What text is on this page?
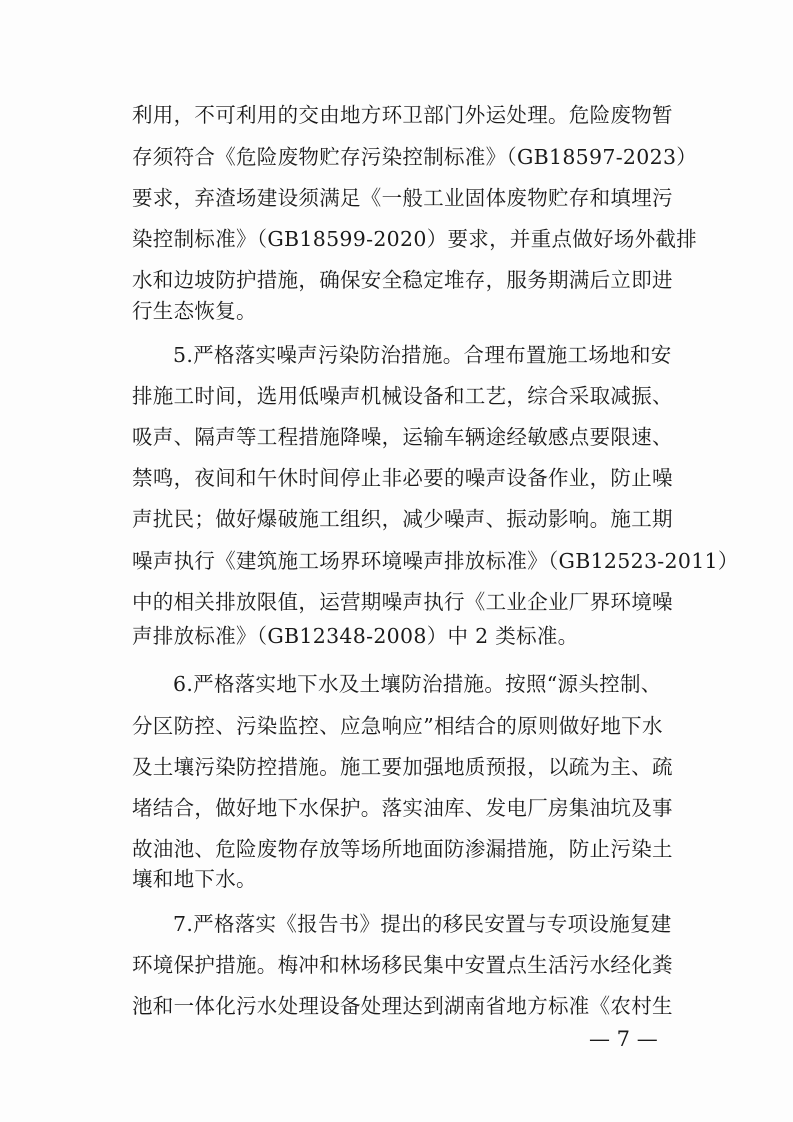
利用，不可利用的交由地方环卫部门外运处理。危险废物暂
存须符合《危险废物贮存污染控制标准》（GB18597-2023）
要求，弃渣场建设须满足《一般工业固体废物贮存和填埋污
染控制标准》（GB18599-2020）要求，并重点做好场外截排
水和边坡防护措施，确保安全稳定堆存，服务期满后立即进
行生态恢复。
5.严格落实噪声污染防治措施。合理布置施工场地和安
排施工时间，选用低噪声机械设备和工艺，综合采取减振、
吸声、隔声等工程措施降噪，运输车辆途经敏感点要限速、
禁鸣，夜间和午休时间停止非必要的噪声设备作业，防止噪
声扰民；做好爆破施工组织，减少噪声、振动影响。施工期
噪声执行《建筑施工场界环境噪声排放标准》（GB12523-2011）
中的相关排放限值，运营期噪声执行《工业企业厂界环境噪
声排放标准》（GB12348-2008）中 2 类标准。
6.严格落实地下水及土壤防治措施。按照“源头控制、
分区防控、污染监控、应急响应”相结合的原则做好地下水
及土壤污染防控措施。施工要加强地质预报，以疏为主、疏
堵结合，做好地下水保护。落实油库、发电厂房集油坑及事
故油池、危险废物存放等场所地面防渗漏措施，防止污染土
壤和地下水。
7.严格落实《报告书》提出的移民安置与专项设施复建
环境保护措施。梅冲和林场移民集中安置点生活污水经化粪
池和一体化污水处理设备处理达到湖南省地方标准《农村生
— 7 —
